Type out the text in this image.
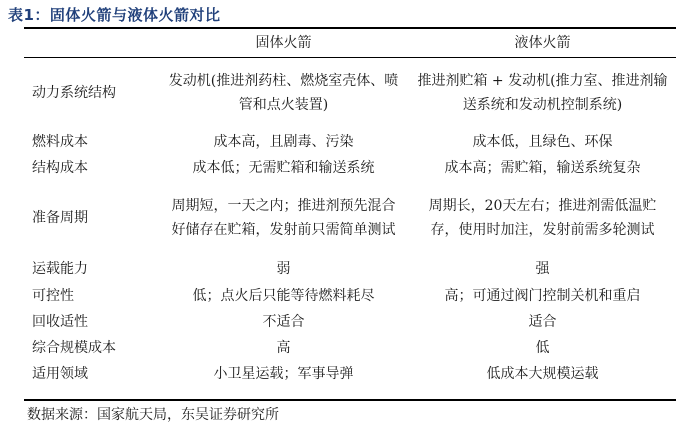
表1：固体火箭与液体火箭对比
	固体火箭	液体火箭
动力系统结构	发动机(推进剂药柱、燃烧室壳体、喷管和点火装置)	推进剂贮箱 + 发动机(推力室、推进剂输送系统和发动机控制系统)
燃料成本	成本高，且剧毒、污染	成本低，且绿色、环保
结构成本	成本低；无需贮箱和输送系统	成本高；需贮箱，输送系统复杂
准备周期	周期短，一天之内；推进剂预先混合好储存在贮箱，发射前只需简单测试	周期长，20天左右；推进剂需低温贮存，使用时加注，发射前需多轮测试
运载能力	弱	强
可控性	低；点火后只能等待燃料耗尽	高；可通过阀门控制关机和重启
回收适性	不适合	适合
综合规模成本	高	低
适用领域	小卫星运载；军事导弹	低成本大规模运载
数据来源：国家航天局，东吴证券研究所
